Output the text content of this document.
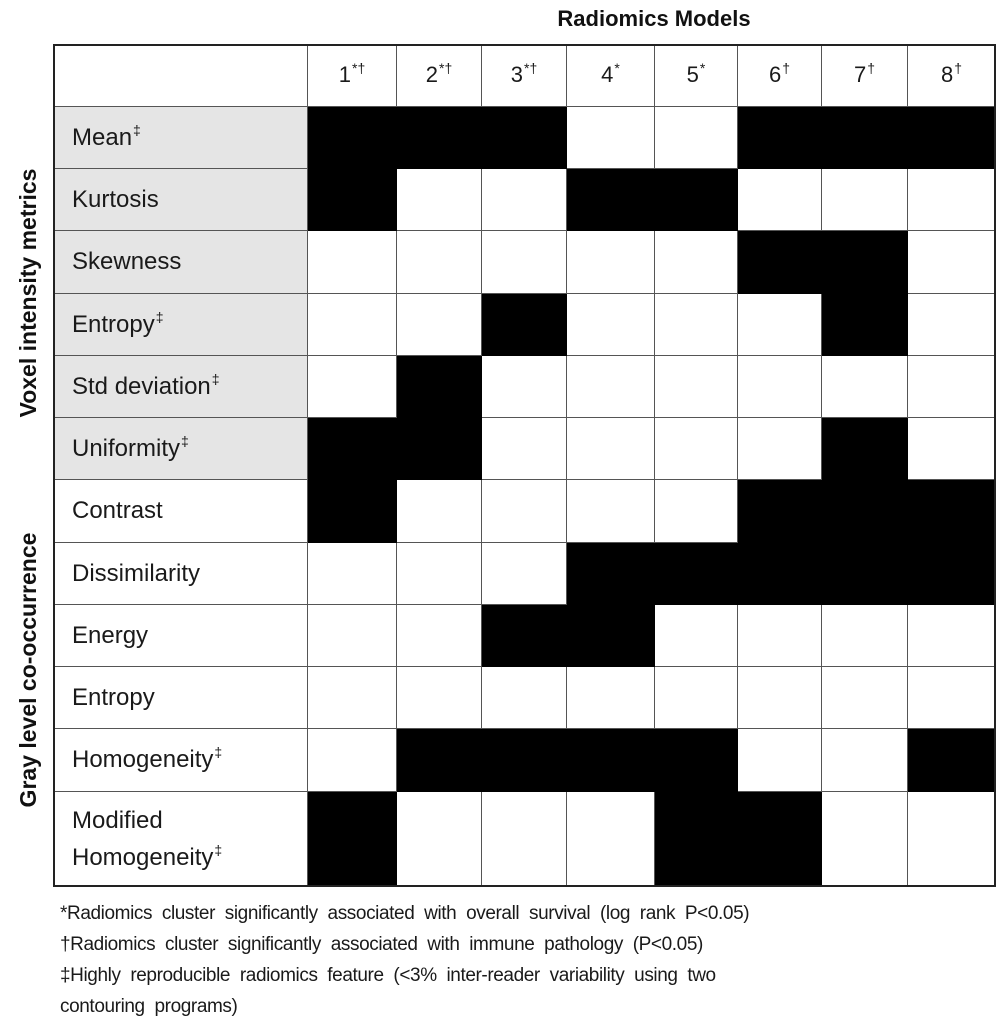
Radiomics Models
1*†	2*†	3*†	4*	5*	6†	7†	8†
Mean‡
Kurtosis
Skewness
Entropy‡
Std deviation‡
Uniformity‡
Contrast
Dissimilarity
Energy
Entropy
Homogeneity‡
Modified
Homogeneity‡
Voxel intensity metrics
Gray level co-occurrence

*Radiomics  cluster  significantly  associated  with  overall  survival  (log  rank  P<0.05)

†Radiomics  cluster  significantly  associated  with  immune  pathology  (P<0.05)

‡Highly  reproducible  radiomics  feature  (<3%  inter-reader  variability  using  two

contouring  programs)
